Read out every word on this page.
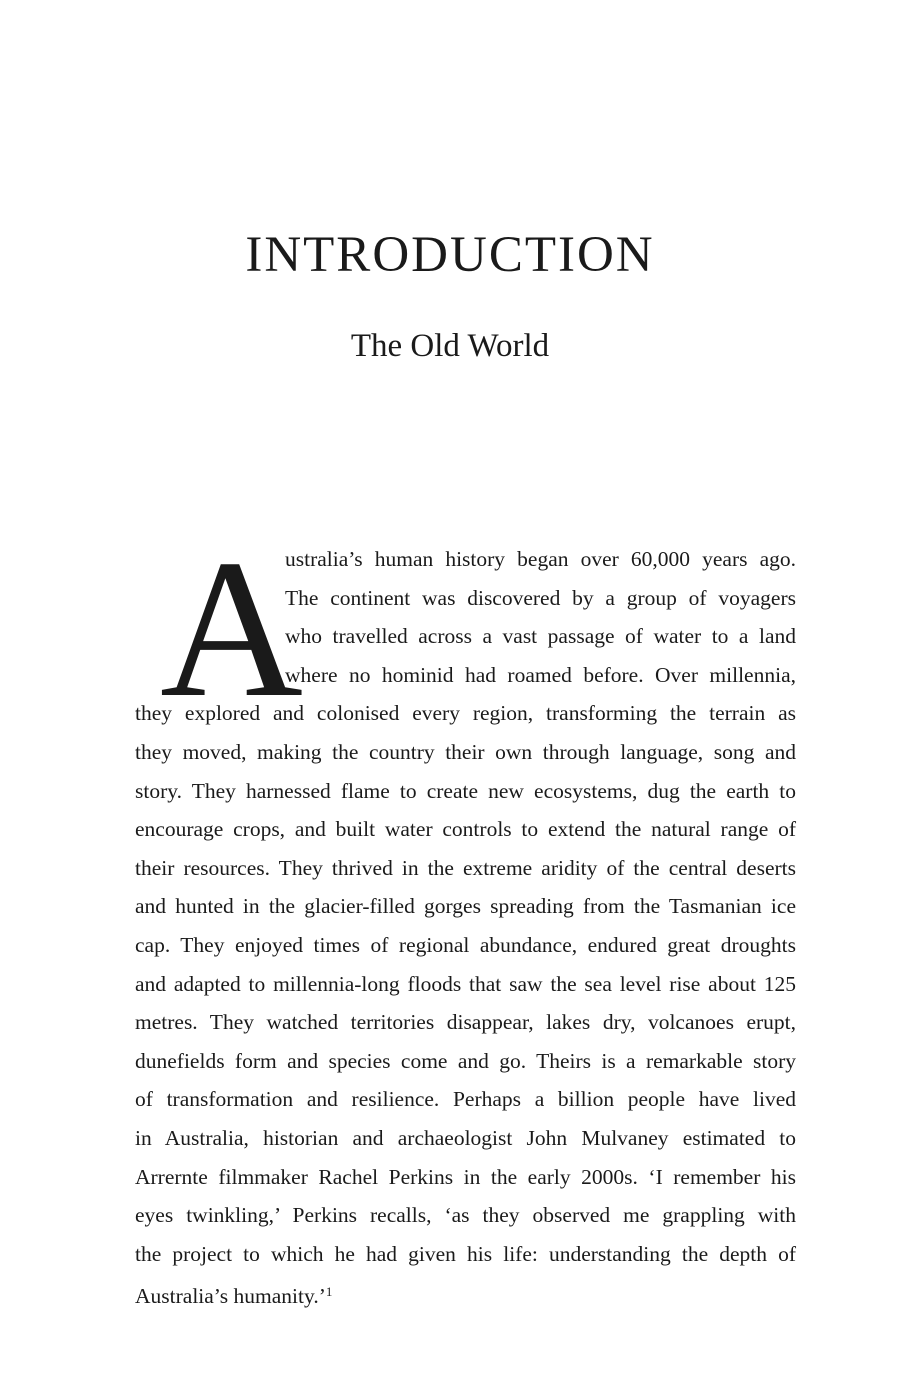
INTRODUCTION
The Old World
A
ustralia’s human history began over 60,000 years ago.
The continent was discovered by a group of voyagers
who travelled across a vast passage of water to a land
where no hominid had roamed before. Over millennia,
they explored and colonised every region, transforming the terrain as
they moved, making the country their own through language, song and
story. They harnessed flame to create new ecosystems, dug the earth to
encourage crops, and built water controls to extend the natural range of
their resources. They thrived in the extreme aridity of the central deserts
and hunted in the glacier-filled gorges spreading from the Tasmanian ice
cap. They enjoyed times of regional abundance, endured great droughts
and adapted to millennia-long floods that saw the sea level rise about 125
metres. They watched territories disappear, lakes dry, volcanoes erupt,
dunefields form and species come and go. Theirs is a remarkable story
of transformation and resilience. Perhaps a billion people have lived
in Australia, historian and archaeologist John Mulvaney estimated to
Arrernte filmmaker Rachel Perkins in the early 2000s. ‘I remember his
eyes twinkling,’ Perkins recalls, ‘as they observed me grappling with
the project to which he had given his life: understanding the depth of
Australia’s humanity.’$^1$
